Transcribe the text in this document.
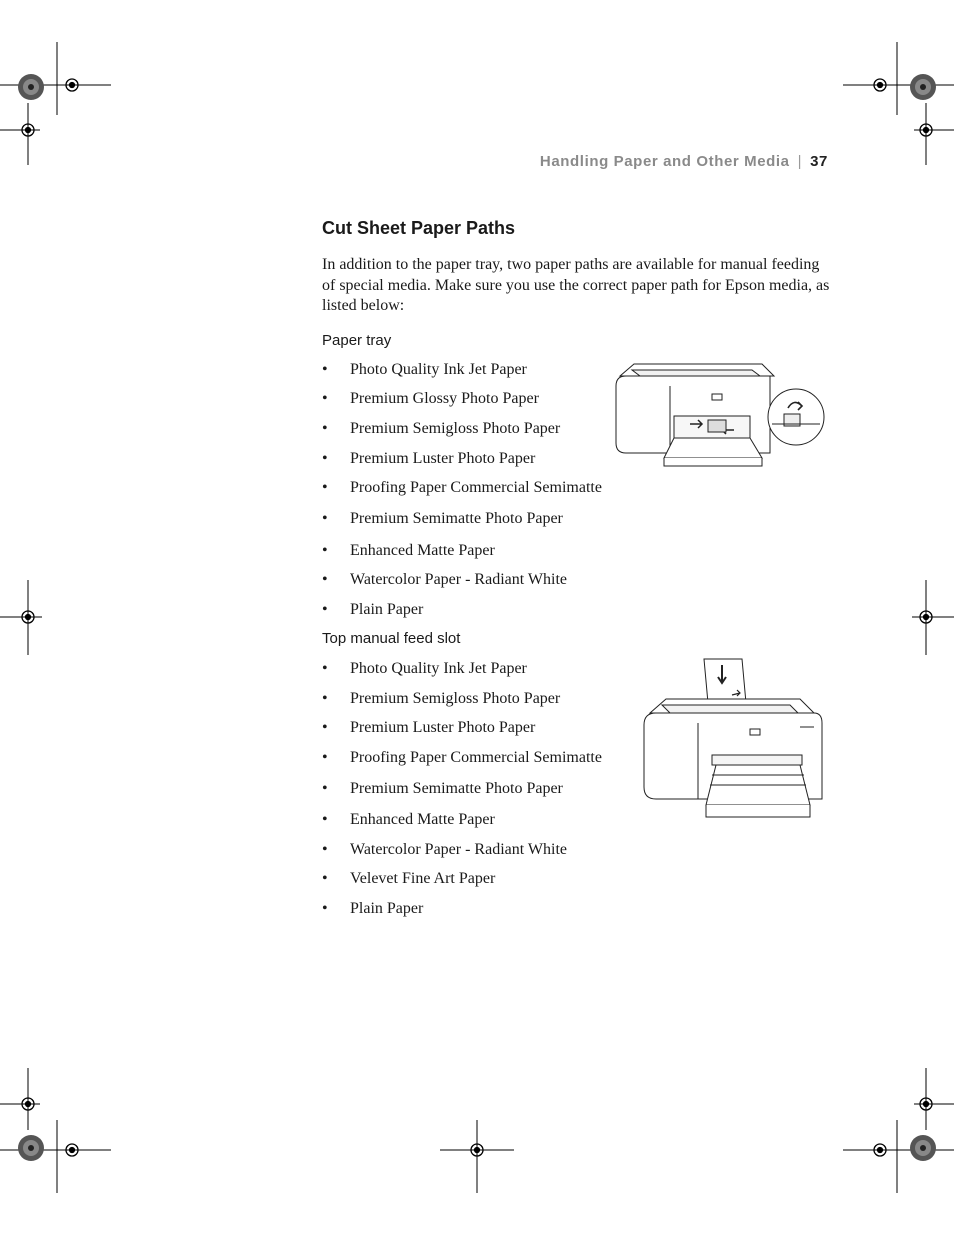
Handling Paper and Other Media | 37
Cut Sheet Paper Paths

In addition to the paper tray, two paper paths are available for manual feeding of special media. Make sure you use the correct paper path for Epson media, as listed below:

Paper tray
• Photo Quality Ink Jet Paper
• Premium Glossy Photo Paper
• Premium Semigloss Photo Paper
• Premium Luster Photo Paper
• Proofing Paper Commercial Semimatte
• Premium Semimatte Photo Paper
• Enhanced Matte Paper
• Watercolor Paper - Radiant White
• Plain Paper
Top manual feed slot
• Photo Quality Ink Jet Paper
• Premium Semigloss Photo Paper
• Premium Luster Photo Paper
• Proofing Paper Commercial Semimatte
• Premium Semimatte Photo Paper
• Enhanced Matte Paper
• Watercolor Paper - Radiant White
• Velevet Fine Art Paper
• Plain Paper
